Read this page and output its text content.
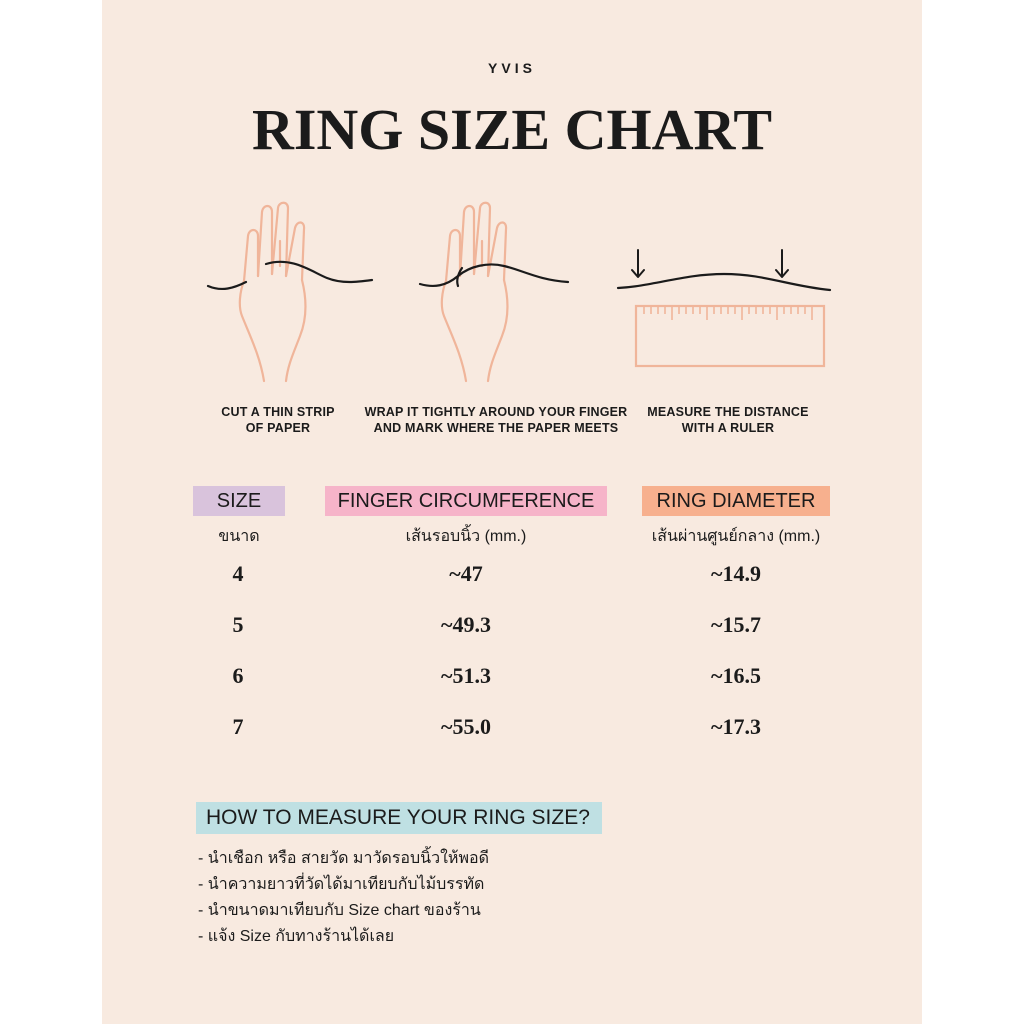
YVIS
RING SIZE CHART
CUT A THIN STRIP
OF PAPER
WRAP IT TIGHTLY AROUND YOUR FINGER
AND MARK WHERE THE PAPER MEETS
MEASURE THE DISTANCE
WITH A RULER
SIZE	FINGER CIRCUMFERENCE	RING DIAMETER
ขนาด	เส้นรอบนิ้ว (mm.)	เส้นผ่านศูนย์กลาง (mm.)
4	~47	~14.9
5	~49.3	~15.7
6	~51.3	~16.5
7	~55.0	~17.3
HOW TO MEASURE YOUR RING SIZE?
- นำเชือก หรือ สายวัด มาวัดรอบนิ้วให้พอดี
- นำความยาวที่วัดได้มาเทียบกับไม้บรรทัด
- นำขนาดมาเทียบกับ Size chart ของร้าน
- แจ้ง Size กับทางร้านได้เลย
